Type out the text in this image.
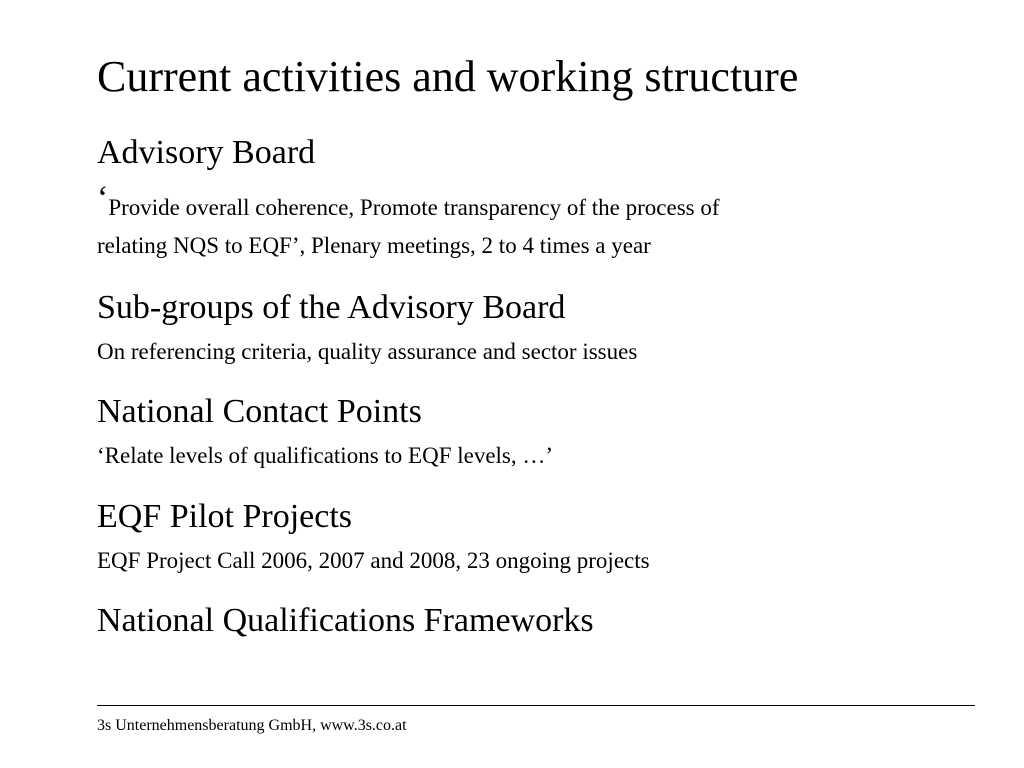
Current activities and working structure
Advisory Board
‘Provide overall coherence, Promote transparency of the process of
relating NQS to EQF’, Plenary meetings, 2 to 4 times a year
Sub-groups of the Advisory Board
On referencing criteria, quality assurance and sector issues
National Contact Points
‘Relate levels of qualifications to EQF levels, …’
EQF Pilot Projects
EQF Project Call 2006, 2007 and 2008, 23 ongoing projects
National Qualifications Frameworks
3s Unternehmensberatung GmbH, www.3s.co.at
